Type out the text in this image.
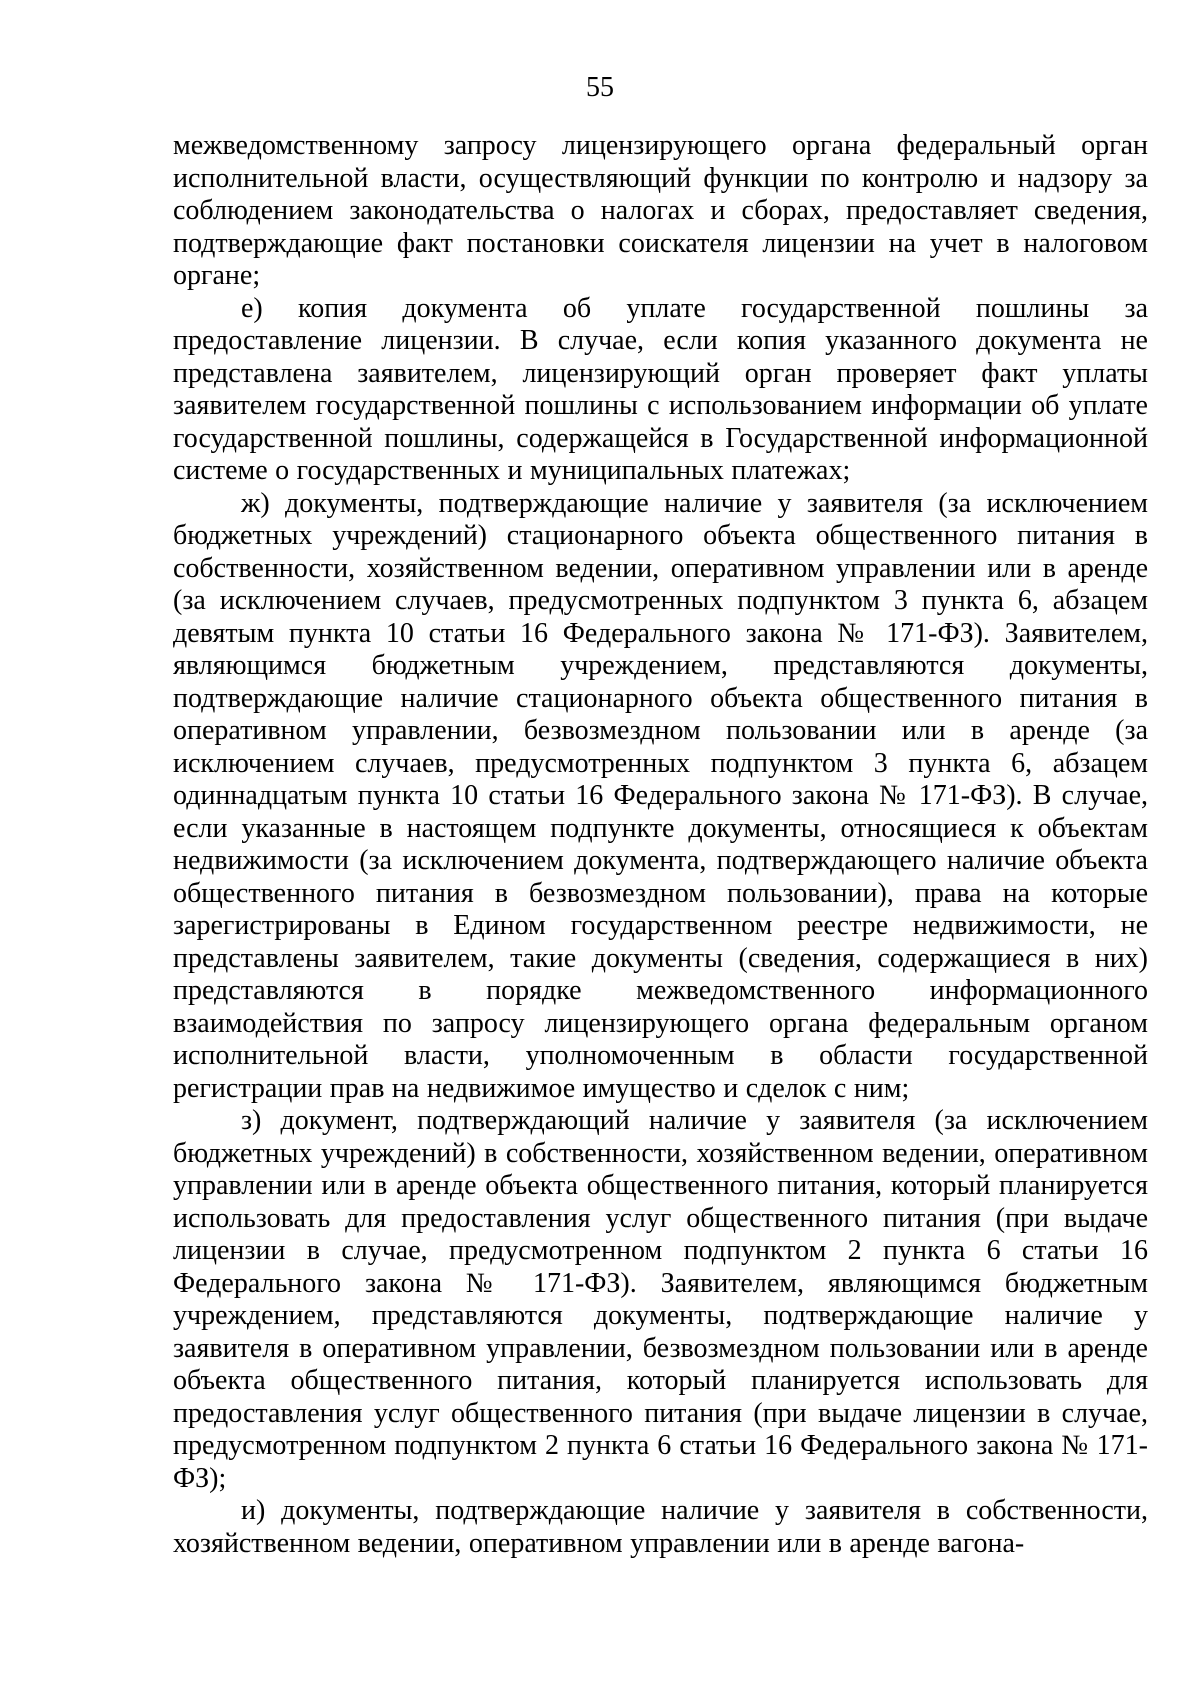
55

межведомственному запросу лицензирующего органа федеральный орган исполнительной власти, осуществляющий функции по контролю и надзору за соблюдением законодательства о налогах и сборах, предоставляет сведения, подтверждающие факт постановки соискателя лицензии на учет в налоговом органе;

е) копия документа об уплате государственной пошлины за предоставление лицензии. В случае, если копия указанного документа не представлена заявителем, лицензирующий орган проверяет факт уплаты заявителем государственной пошлины с использованием информации об уплате государственной пошлины, содержащейся в Государственной информационной системе о государственных и муниципальных платежах;

ж) документы, подтверждающие наличие у заявителя (за исключением бюджетных учреждений) стационарного объекта общественного питания в собственности, хозяйственном ведении, оперативном управлении или в аренде (за исключением случаев, предусмотренных подпунктом 3 пункта 6, абзацем девятым пункта 10 статьи 16 Федерального закона № 171-ФЗ). Заявителем, являющимся бюджетным учреждением, представляются документы, подтверждающие наличие стационарного объекта общественного питания в оперативном управлении, безвозмездном пользовании или в аренде (за исключением случаев, предусмотренных подпунктом 3 пункта 6, абзацем одиннадцатым пункта 10 статьи 16 Федерального закона № 171-ФЗ). В случае, если указанные в настоящем подпункте документы, относящиеся к объектам недвижимости (за исключением документа, подтверждающего наличие объекта общественного питания в безвозмездном пользовании), права на которые зарегистрированы в Едином государственном реестре недвижимости, не представлены заявителем, такие документы (сведения, содержащиеся в них) представляются в порядке межведомственного информационного взаимодействия по запросу лицензирующего органа федеральным органом исполнительной власти, уполномоченным в области государственной регистрации прав на недвижимое имущество и сделок с ним;

з) документ, подтверждающий наличие у заявителя (за исключением бюджетных учреждений) в собственности, хозяйственном ведении, оперативном управлении или в аренде объекта общественного питания, который планируется использовать для предоставления услуг общественного питания (при выдаче лицензии в случае, предусмотренном подпунктом 2 пункта 6 статьи 16 Федерального закона № 171-ФЗ). Заявителем, являющимся бюджетным учреждением, представляются документы, подтверждающие наличие у заявителя в оперативном управлении, безвозмездном пользовании или в аренде объекта общественного питания, который планируется использовать для предоставления услуг общественного питания (при выдаче лицензии в случае, предусмотренном подпунктом 2 пункта 6 статьи 16 Федерального закона № 171-ФЗ);

и) документы, подтверждающие наличие у заявителя в собственности, хозяйственном ведении, оперативном управлении или в аренде вагона-
